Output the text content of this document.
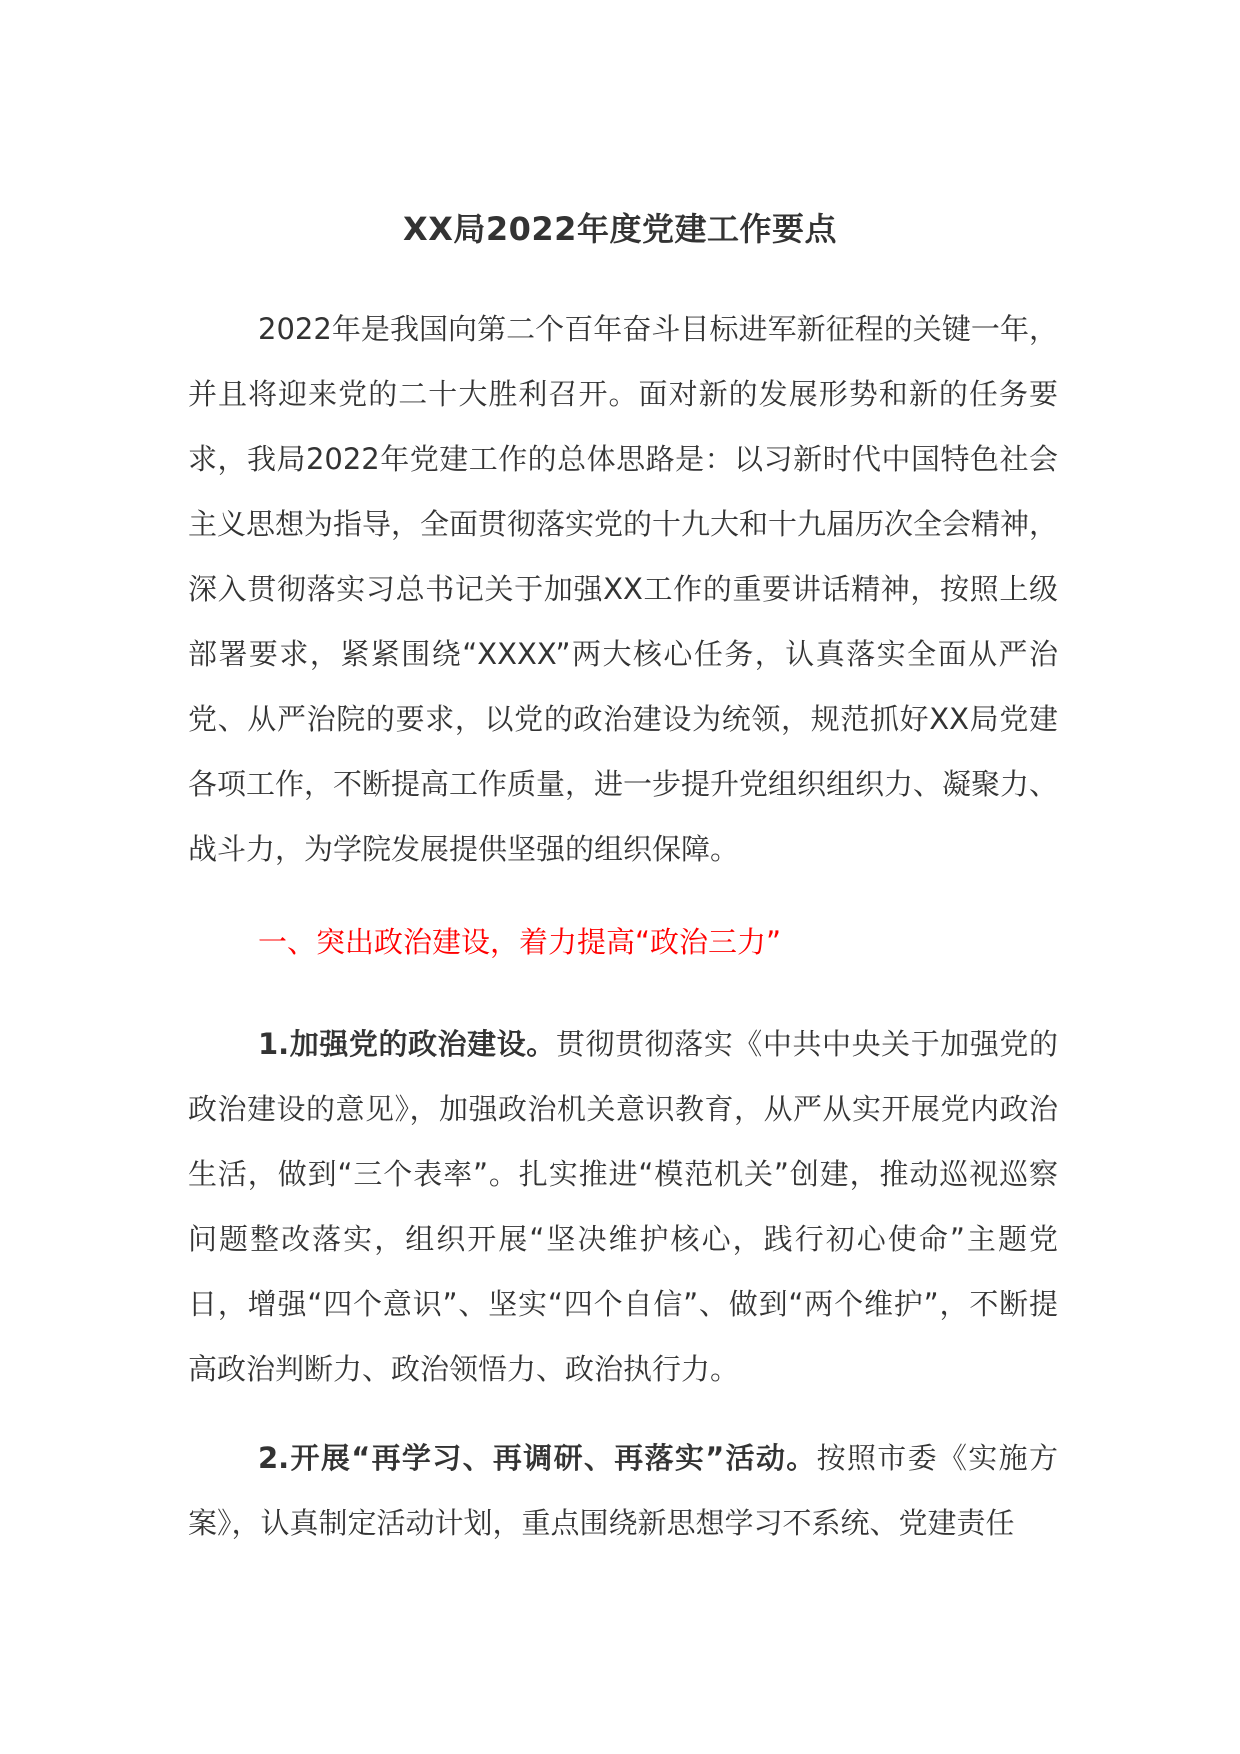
XX局2022年度党建工作要点

2022年是我国向第二个百年奋斗目标进军新征程的关键一年，并且将迎来党的二十大胜利召开。面对新的发展形势和新的任务要求，我局2022年党建工作的总体思路是：以习新时代中国特色社会主义思想为指导，全面贯彻落实党的十九大和十九届历次全会精神，深入贯彻落实习总书记关于加强XX工作的重要讲话精神，按照上级部署要求，紧紧围绕“XXXX”两大核心任务，认真落实全面从严治党、从严治院的要求，以党的政治建设为统领，规范抓好XX局党建各项工作，不断提高工作质量，进一步提升党组织组织力、凝聚力、战斗力，为学院发展提供坚强的组织保障。

一、突出政治建设，着力提高“政治三力”

1.加强党的政治建设。贯彻贯彻落实《中共中央关于加强党的政治建设的意见》，加强政治机关意识教育，从严从实开展党内政治生活，做到“三个表率”。扎实推进“模范机关”创建，推动巡视巡察问题整改落实，组织开展“坚决维护核心，践行初心使命”主题党日，增强“四个意识”、坚实“四个自信”、做到“两个维护”，不断提高政治判断力、政治领悟力、政治执行力。

2.开展“再学习、再调研、再落实”活动。按照市委《实施方案》，认真制定活动计划，重点围绕新思想学习不系统、党建责任
